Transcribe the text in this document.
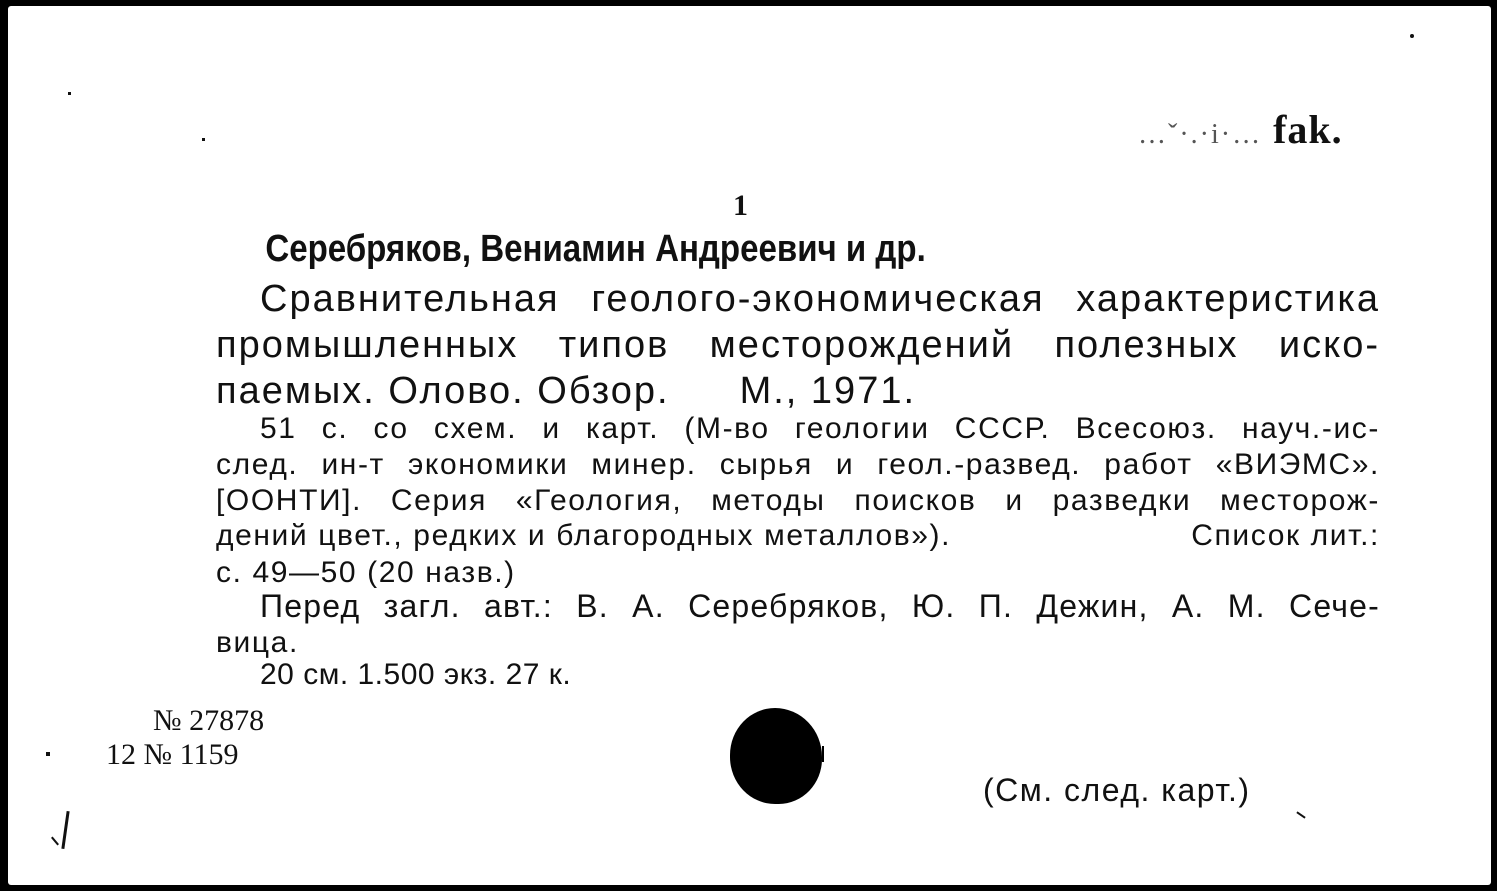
…ˇ·.·i·… fak.
1
Серебряков, Вениамин Андреевич и др.
Сравнительная геолого-экономическая характеристика
промышленных типов месторождений полезных иско-
паемых. Олово. Обзор. М., 1971.
51 с. со схем. и карт. (М-во геологии СССР. Всесоюз. науч.-ис-
след. ин-т экономики минер. сырья и геол.-развед. работ «ВИЭМС».
[ООНТИ]. Серия «Геология, методы поисков и разведки месторож-
дений цвет., редких и благородных металлов»).	Список лит.:
с. 49—50 (20 назв.)
Перед загл. авт.: В. А. Серебряков, Ю. П. Дежин, А. М. Сече-
вица.
20 см. 1.500 экз. 27 к.
№ 27878
12 № 1159
(См. след. карт.)
